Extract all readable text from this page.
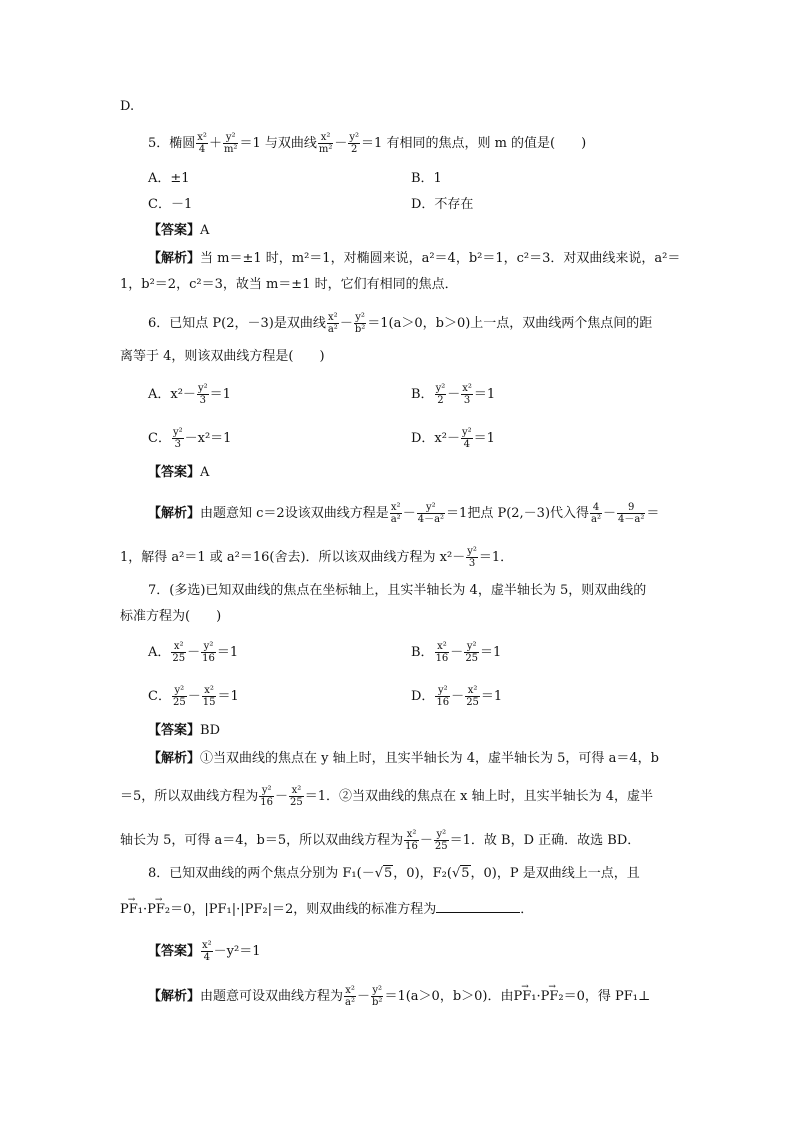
D.
5．椭圆 $\frac{\text{x²}}{4} + \frac{\text{y²}}{\text{m²}} =1$ 与双曲线 $\frac{\text{x²}}{\text{m²}} - \frac{\text{y²}}{2} =1$ 有相同的焦点，则 m 的值是( )
A．±1	B．1
C．－1	D．不存在
【答案】A
【解析】当 m＝±1 时，m²＝1，对椭圆来说，a²＝4，b²＝1，c²＝3．对双曲线来说，a²＝
1，b²＝2，c²＝3，故当 m＝±1 时，它们有相同的焦点．
6．已知点 P(2，－3)是双曲线 $\frac{\text{x²}}{\text{a²}} - \frac{\text{y²}}{\text{b²}} =1(a>0$，b＞0)上一点，双曲线两个焦点间的距
离等于 4，则该双曲线方程是( )
A．$x^2- \frac{\text{y²}}{3} =1$	B． $\frac{\text{y²}}{2} - \frac{\text{x²}}{3} =1$
C． $\frac{\text{y²}}{3} -x^2=1$	D．$x^2- \frac{\text{y²}}{4} =1$
【答案】A
【解析】由题意知 c＝2设该双曲线方程是 $\frac{\text{x²}}{\text{a²}} - \frac{\text{y²}}{\text{4－a²}} =1$把点 P(2,－3)代入得 $\frac{4}{\text{a²}} - \frac{9}{\text{4－a²}}$ ＝
1，解得 a²＝1 或 a²＝16(舍去)．所以该双曲线方程为 $x^2- \frac{\text{y²}}{3} =1$．
7．(多选)已知双曲线的焦点在坐标轴上，且实半轴长为 4，虚半轴长为 5，则双曲线的
标准方程为( )
A． $\frac{\text{x²}}{25} - \frac{\text{y²}}{16} =1$	B． $\frac{\text{x²}}{16} - \frac{\text{y²}}{25} =1$
C． $\frac{\text{y²}}{25} - \frac{\text{x²}}{15} =1$	D． $\frac{\text{y²}}{16} - \frac{\text{x²}}{25} =1$
【答案】BD
【解析】①当双曲线的焦点在 y 轴上时，且实半轴长为 4，虚半轴长为 5，可得 a＝4，b
＝5，所以双曲线方程为 $\frac{\text{y²}}{16} - \frac{\text{x²}}{25} =1$．②当双曲线的焦点在 x 轴上时，且实半轴长为 4，虚半
轴长为 5，可得 a＝4，b＝5，所以双曲线方程为 $\frac{\text{x²}}{16} - \frac{\text{y²}}{25} =1$．故 B，D 正确．故选 BD．
8．已知双曲线的两个焦点分别为 F₁(－√5，0)，F₂(√5，0)，P 是双曲线上一点，且
→ PF₁·→ PF₂＝0，|PF₁|·|PF₂|＝2，则双曲线的标准方程为	．
【答案】 $\frac{\text{x²}}{4} -y^2=1$
【解析】由题意可设双曲线方程为 $\frac{\text{x²}}{\text{a²}} - \frac{\text{y²}}{\text{b²}} =1(a>0$，b＞0)．由→ PF₁·→ PF₂＝0，得 PF₁⊥
